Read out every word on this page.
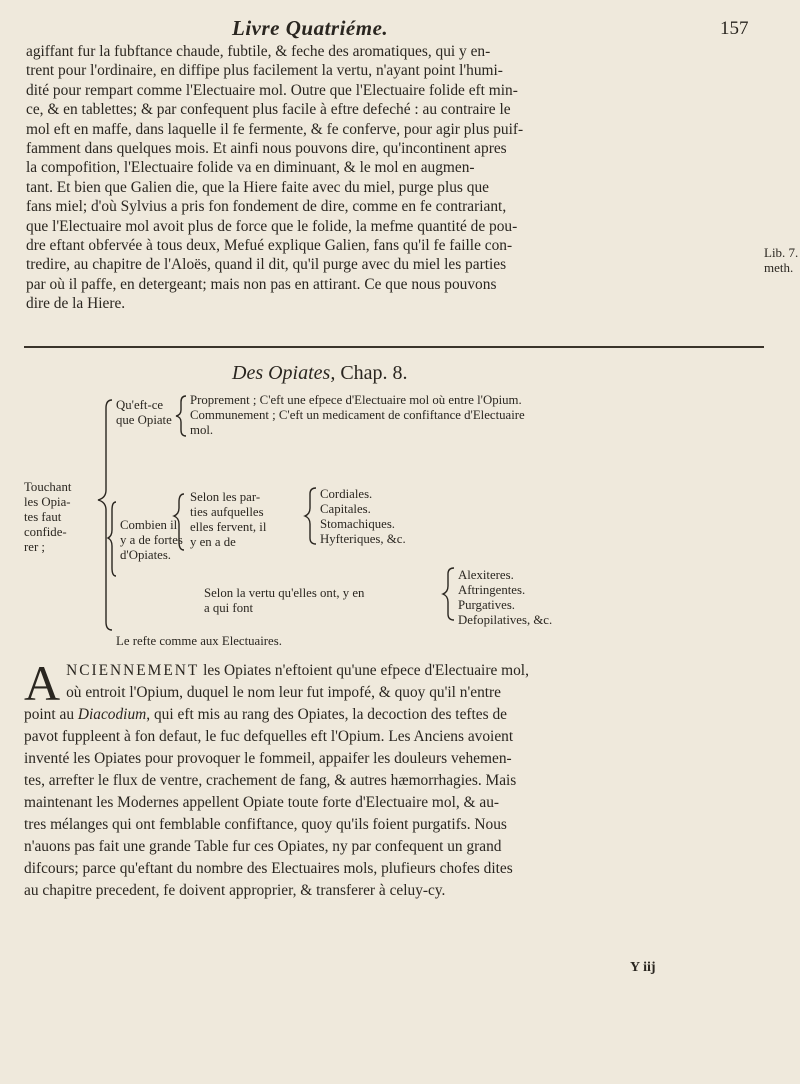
Livre Quatriéme.	157
agiffant fur la fubftance chaude, fubtile, & feche des aromatiques, qui y en-
trent pour l'ordinaire, en diffipe plus facilement la vertu, n'ayant point l'humi-
dité pour rempart comme l'Electuaire mol. Outre que l'Electuaire folide eft min-
ce, & en tablettes; & par confequent plus facile à eftre defeché : au contraire le
mol eft en maffe, dans laquelle il fe fermente, & fe conferve, pour agir plus puif-
famment dans quelques mois. Et ainfi nous pouvons dire, qu'incontinent apres
la compofition, l'Electuaire folide va en diminuant, & le mol en augmen-
tant. Et bien que Galien die, que la Hiere faite avec du miel, purge plus que
fans miel; d'où Sylvius a pris fon fondement de dire, comme en fe contrariant,
que l'Electuaire mol avoit plus de force que le folide, la mefme quantité de pou-
dre eftant obfervée à tous deux, Mefué explique Galien, fans qu'il fe faille con-
tredire, au chapitre de l'Aloës, quand il dit, qu'il purge avec du miel les parties
par où il paffe, en detergeant; mais non pas en attirant. Ce que nous pouvons
dire de la Hiere.
Lib. 7.
meth.
Des Opiates, Chap. 8.
Touchant
les Opia-
tes faut
confide-
rer ;
Qu'eft-ce
que Opiate
Proprement ; C'eft une efpece d'Electuaire mol où entre l'Opium.
Communement ; C'eft un medicament de confiftance d'Electuaire
mol.
Combien il
y a de fortes
d'Opiates.
Selon les par-
ties aufquelles
elles fervent, il
y en a de
Cordiales.
Capitales.
Stomachiques.
Hyfteriques, &c.
Selon la vertu qu'elles ont, y en
a qui font
Alexiteres.
Aftringentes.
Purgatives.
Defopilatives, &c.
Le refte comme aux Electuaires.
A NCIENNEMENT les Opiates n'eftoient qu'une efpece d'Electuaire mol,
où entroit l'Opium, duquel le nom leur fut impofé, & quoy qu'il n'entre
point au Diacodium, qui eft mis au rang des Opiates, la decoction des teftes de
pavot fuppleent à fon defaut, le fuc defquelles eft l'Opium. Les Anciens avoient
inventé les Opiates pour provoquer le fommeil, appaifer les douleurs vehemen-
tes, arrefter le flux de ventre, crachement de fang, & autres hæmorrhagies. Mais
maintenant les Modernes appellent Opiate toute forte d'Electuaire mol, & au-
tres mélanges qui ont femblable confiftance, quoy qu'ils foient purgatifs. Nous
n'auons pas fait une grande Table fur ces Opiates, ny par confequent un grand
difcours; parce qu'eftant du nombre des Electuaires mols, plufieurs chofes dites
au chapitre precedent, fe doivent approprier, & transferer à celuy-cy.
Y iij
